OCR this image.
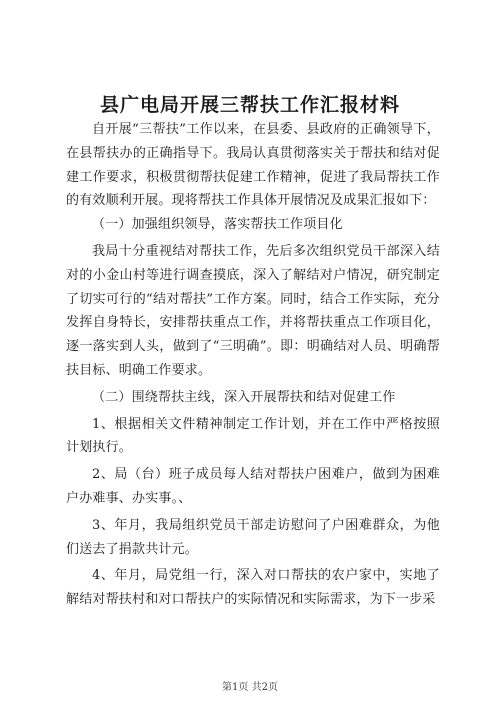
县广电局开展三帮扶工作汇报材料

自开展“三帮扶”工作以来，在县委、县政府的正确领导下，在县帮扶办的正确指导下。我局认真贯彻落实关于帮扶和结对促建工作要求，积极贯彻帮扶促建工作精神，促进了我局帮扶工作的有效顺利开展。现将帮扶工作具体开展情况及成果汇报如下：

（一）加强组织领导，落实帮扶工作项目化

我局十分重视结对帮扶工作，先后多次组织党员干部深入结对的小金山村等进行调查摸底，深入了解结对户情况，研究制定了切实可行的“结对帮扶”工作方案。同时，结合工作实际，充分发挥自身特长，安排帮扶重点工作，并将帮扶重点工作项目化，逐一落实到人头，做到了“三明确”。即：明确结对人员、明确帮扶目标、明确工作要求。

（二）围绕帮扶主线，深入开展帮扶和结对促建工作

1、根据相关文件精神制定工作计划，并在工作中严格按照计划执行。

2、局（台）班子成员每人结对帮扶户困难户，做到为困难户办难事、办实事。、

3、年月，我局组织党员干部走访慰问了户困难群众，为他们送去了捐款共计元。

4、年月，局党组一行，深入对口帮扶的农户家中，实地了解结对帮扶村和对口帮扶户的实际情况和实际需求，为下一步采

第1页 共2页
